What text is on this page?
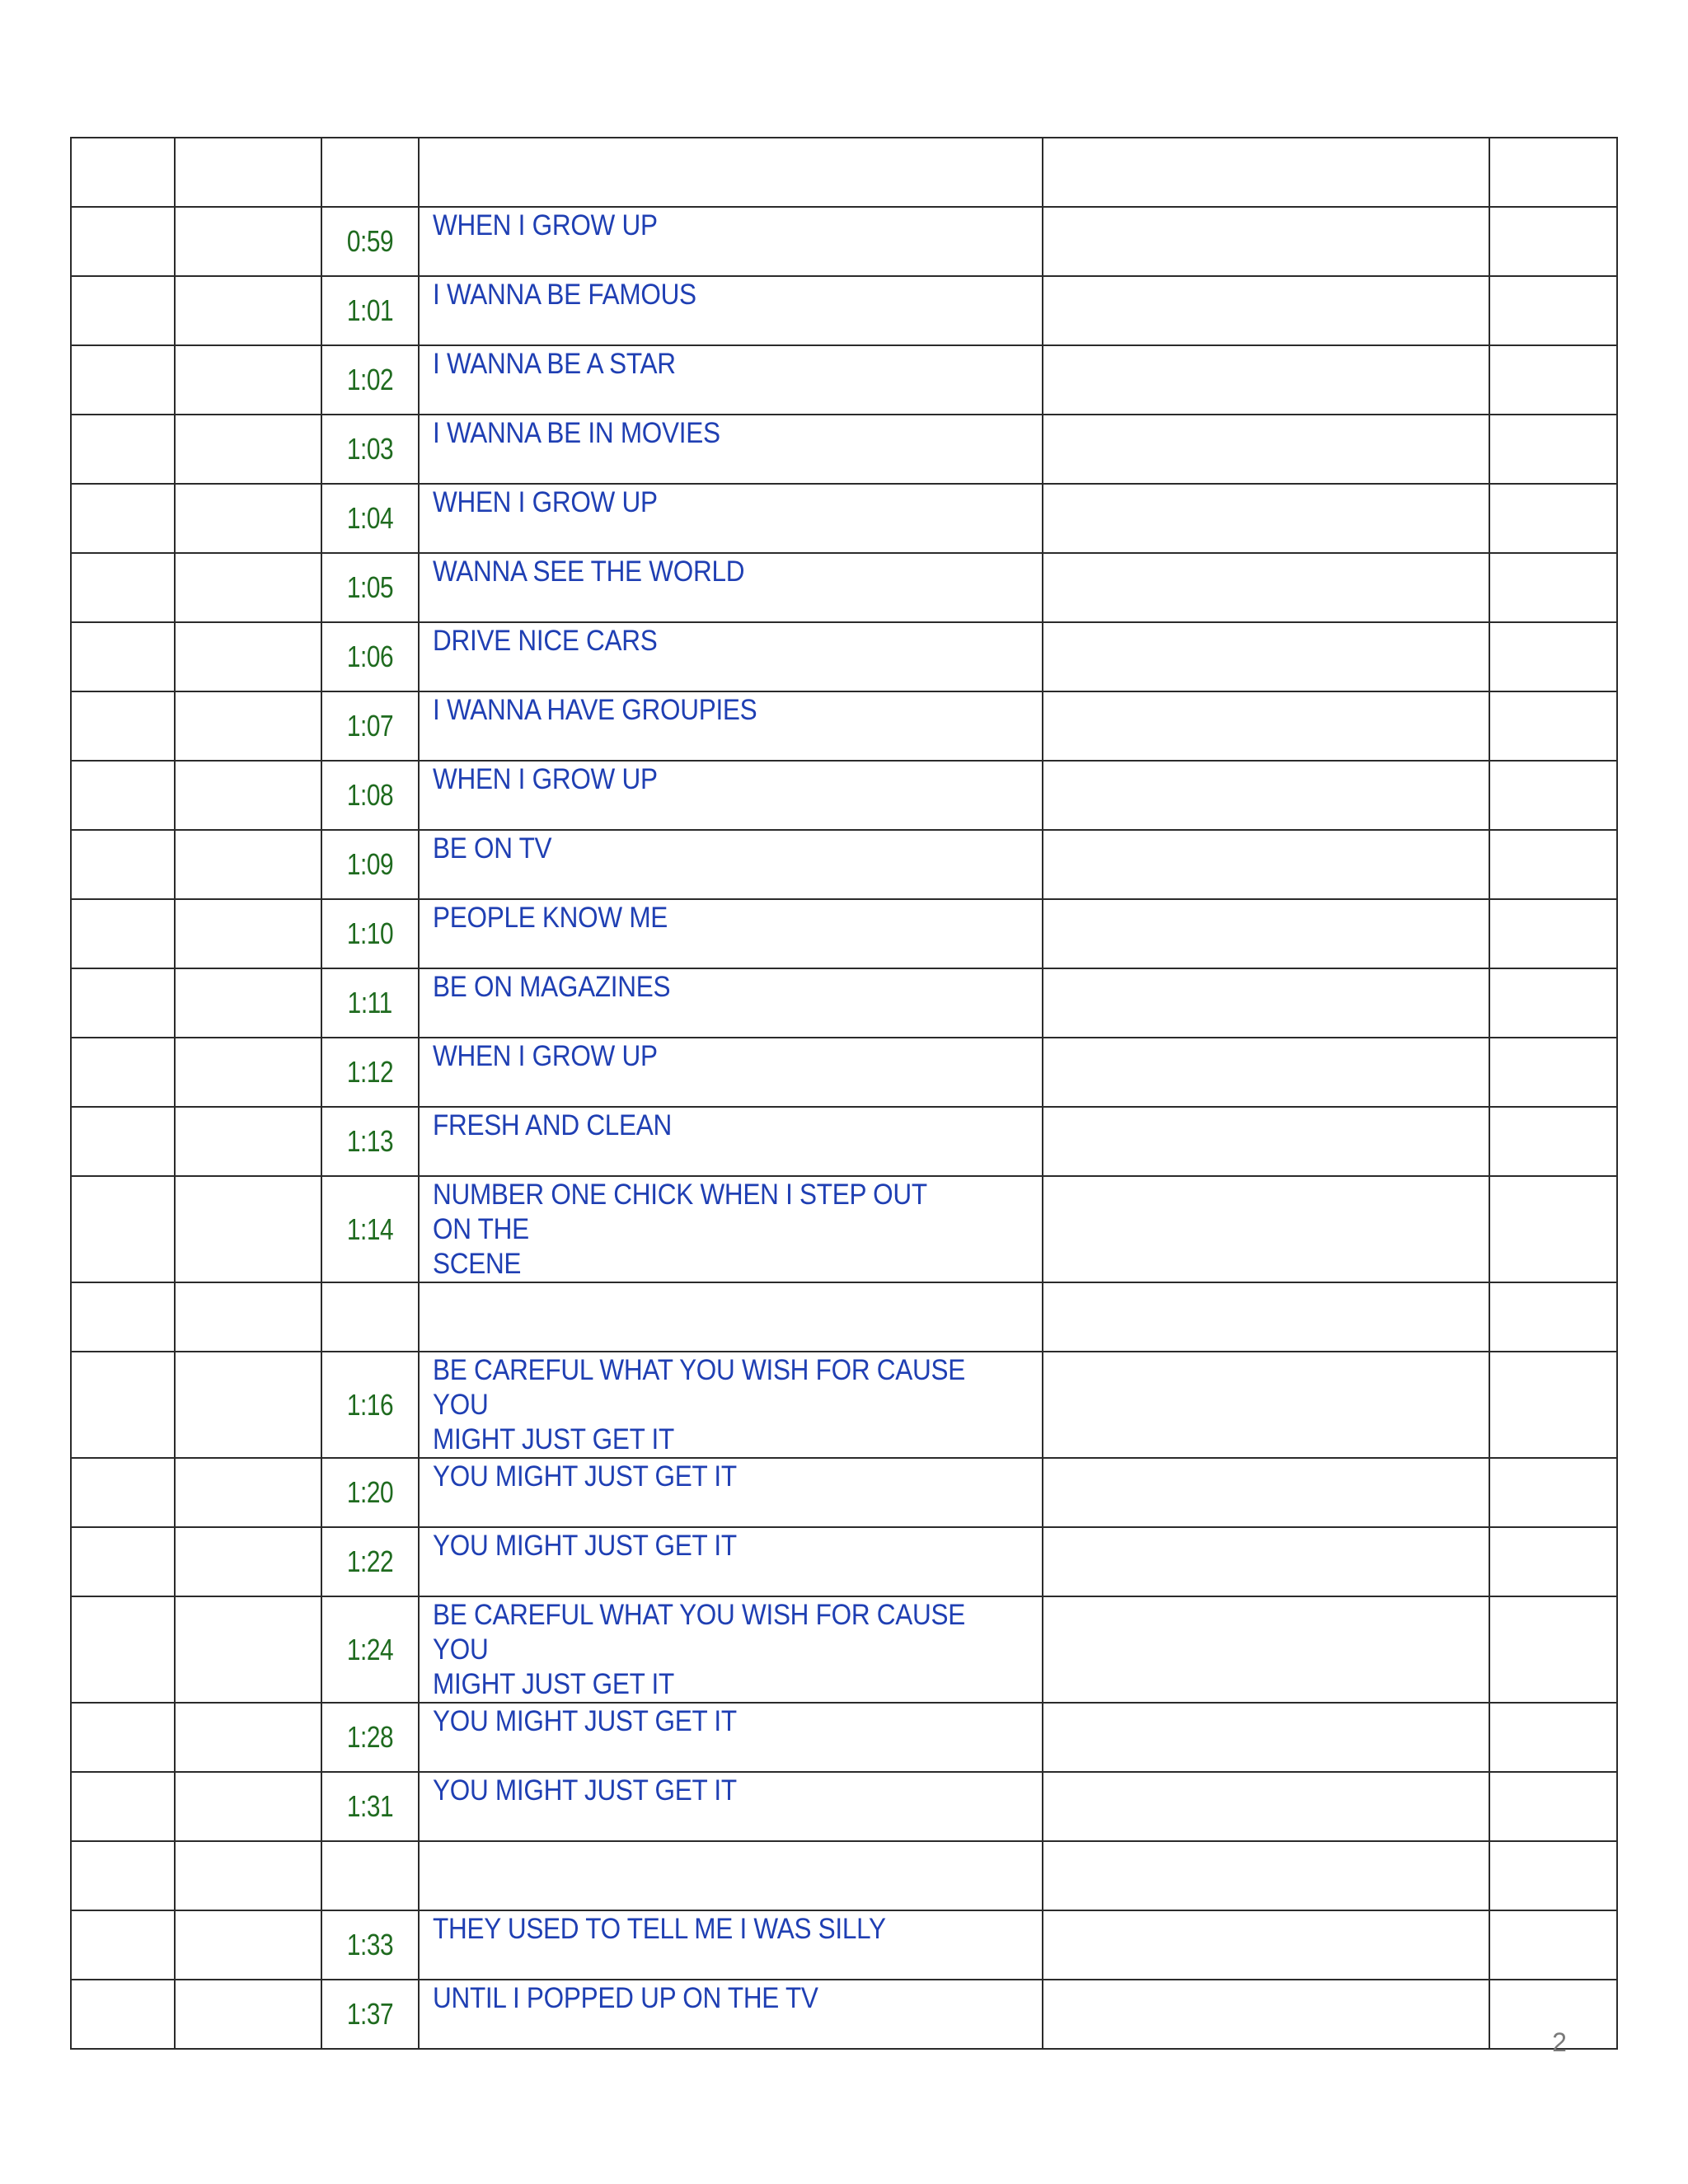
		0:59	WHEN I GROW UP		
		1:01	I WANNA BE FAMOUS		
		1:02	I WANNA BE A STAR		
		1:03	I WANNA BE IN MOVIES		
		1:04	WHEN I GROW UP		
		1:05	WANNA SEE THE WORLD		
		1:06	DRIVE NICE CARS		
		1:07	I WANNA HAVE GROUPIES		
		1:08	WHEN I GROW UP		
		1:09	BE ON TV		
		1:10	PEOPLE KNOW ME		
		1:11	BE ON MAGAZINES		
		1:12	WHEN I GROW UP		
		1:13	FRESH AND CLEAN		
		1:14	NUMBER ONE CHICK WHEN I STEP OUT ON THE
SCENE		

		1:16	BE CAREFUL WHAT YOU WISH FOR CAUSE YOU
MIGHT JUST GET IT		
		1:20	YOU MIGHT JUST GET IT		
		1:22	YOU MIGHT JUST GET IT		
		1:24	BE CAREFUL WHAT YOU WISH FOR CAUSE YOU
MIGHT JUST GET IT		
		1:28	YOU MIGHT JUST GET IT		
		1:31	YOU MIGHT JUST GET IT		

		1:33	THEY USED TO TELL ME I WAS SILLY		
		1:37	UNTIL I POPPED UP ON THE TV		
2
